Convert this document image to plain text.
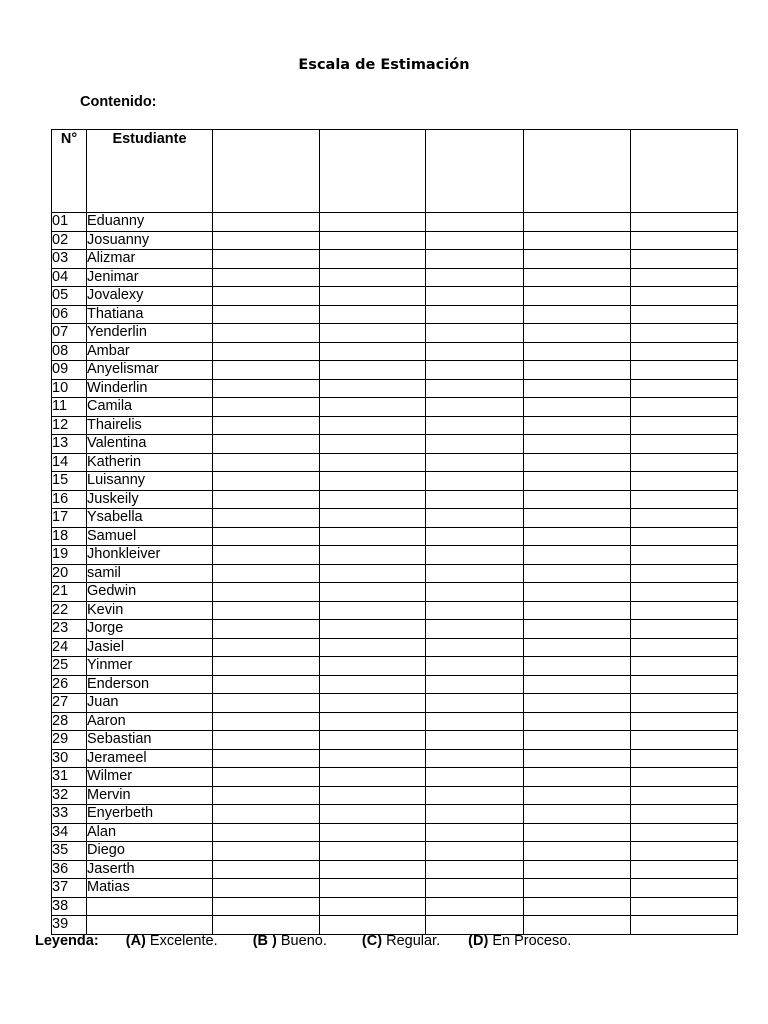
Escala de Estimación
Contenido:
N°	Estudiante					
01	Eduanny					
02	Josuanny					
03	Alizmar					
04	Jenimar					
05	Jovalexy					
06	Thatiana					
07	Yenderlin					
08	Ambar					
09	Anyelismar					
10	Winderlin					
11	Camila					
12	Thairelis					
13	Valentina					
14	Katherin					
15	Luisanny					
16	Juskeily					
17	Ysabella					
18	Samuel					
19	Jhonkleiver					
20	samil					
21	Gedwin					
22	Kevin					
23	Jorge					
24	Jasiel					
25	Yinmer					
26	Enderson					
27	Juan					
28	Aaron					
29	Sebastian					
30	Jerameel					
31	Wilmer					
32	Mervin					
33	Enyerbeth					
34	Alan					
35	Diego					
36	Jaserth					
37	Matias					
38						
39						
Leyenda: (A) Excelente. (B ) Bueno. (C) Regular. (D) En Proceso.
